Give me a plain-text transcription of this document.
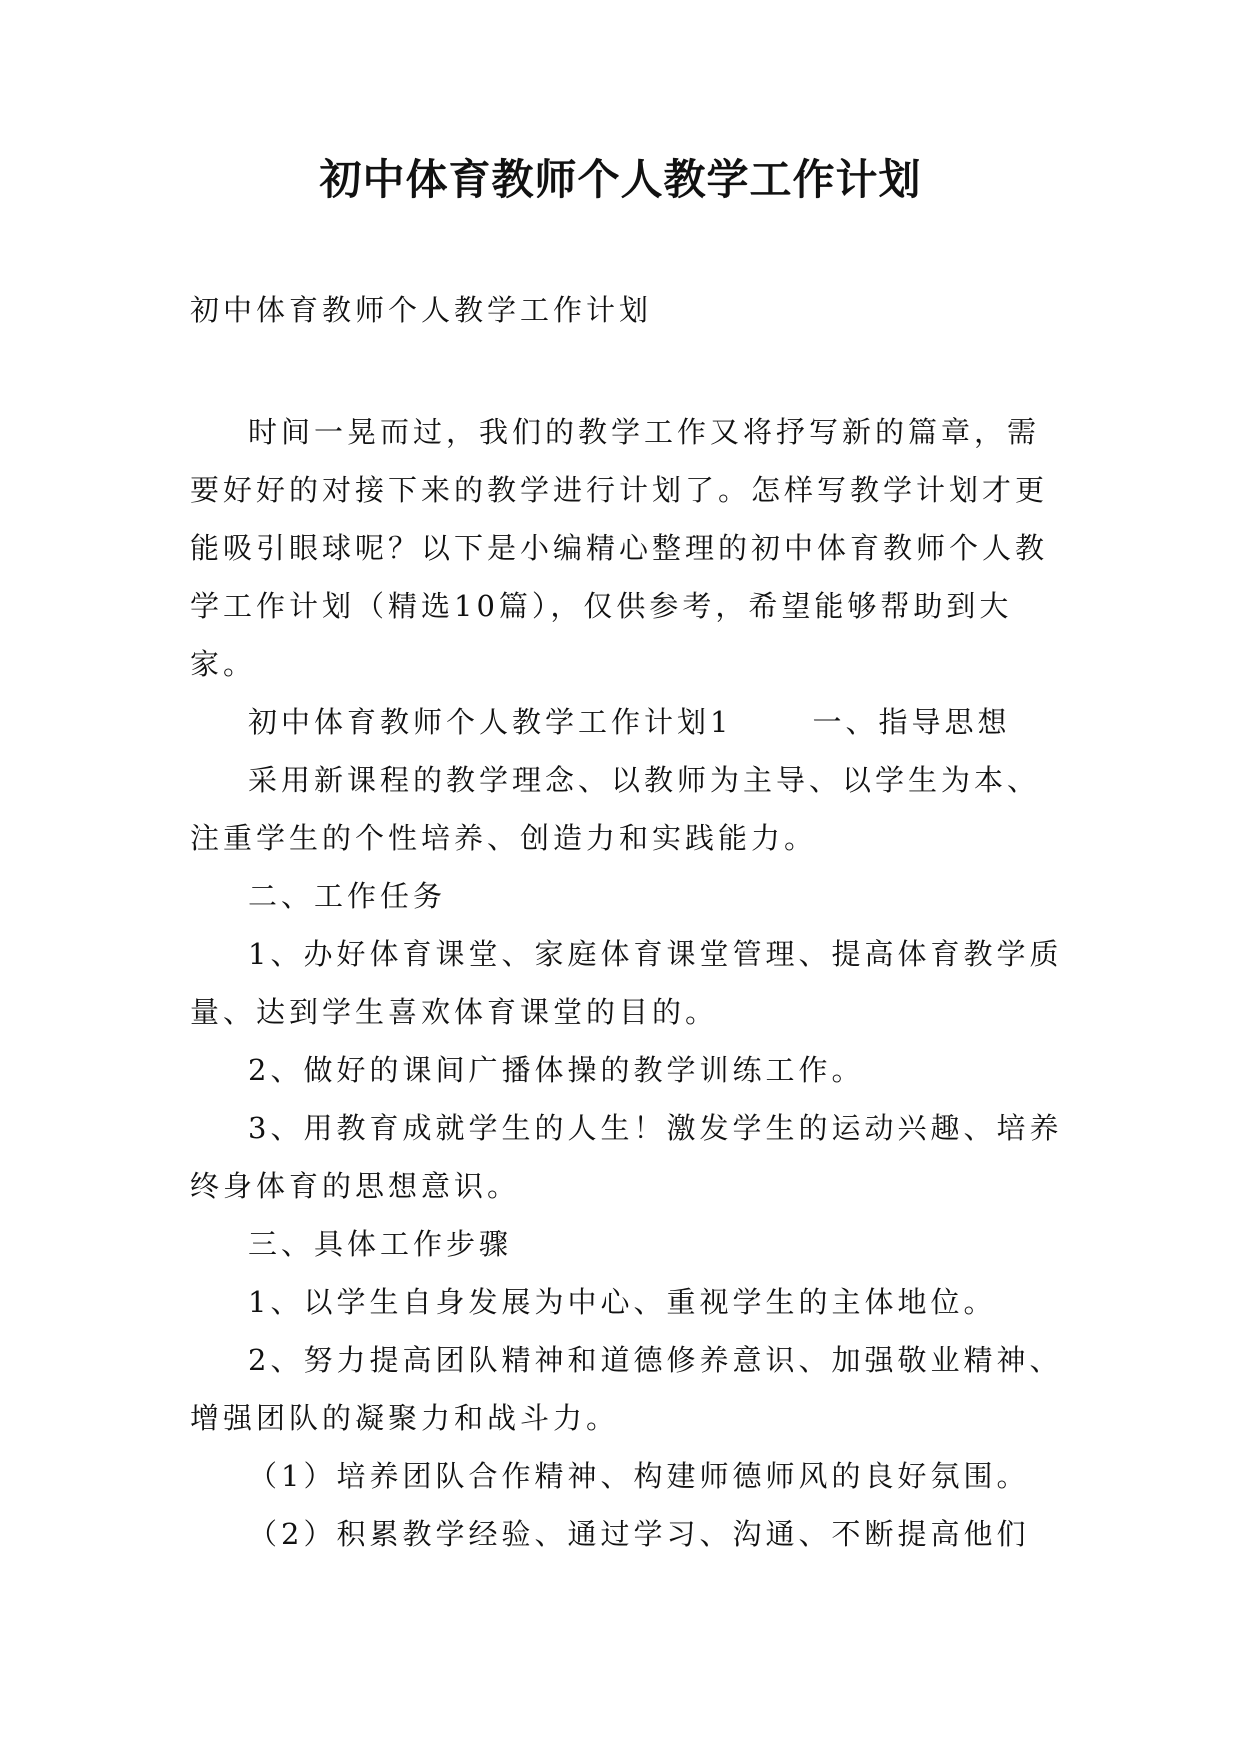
初中体育教师个人教学工作计划

初中体育教师个人教学工作计划

时间一晃而过，我们的教学工作又将抒写新的篇章，需要好好的对接下来的教学进行计划了。怎样写教学计划才更能吸引眼球呢？以下是小编精心整理的初中体育教师个人教学工作计划（精选10篇），仅供参考，希望能够帮助到大家。

初中体育教师个人教学工作计划1	一、指导思想

采用新课程的教学理念、以教师为主导、以学生为本、注重学生的个性培养、创造力和实践能力。

二、工作任务

1、办好体育课堂、家庭体育课堂管理、提高体育教学质量、达到学生喜欢体育课堂的目的。

2、做好的课间广播体操的教学训练工作。

3、用教育成就学生的人生！激发学生的运动兴趣、培养终身体育的思想意识。

三、具体工作步骤

1、以学生自身发展为中心、重视学生的主体地位。

2、努力提高团队精神和道德修养意识、加强敬业精神、增强团队的凝聚力和战斗力。

（1）培养团队合作精神、构建师德师风的良好氛围。

（2）积累教学经验、通过学习、沟通、不断提高他们
